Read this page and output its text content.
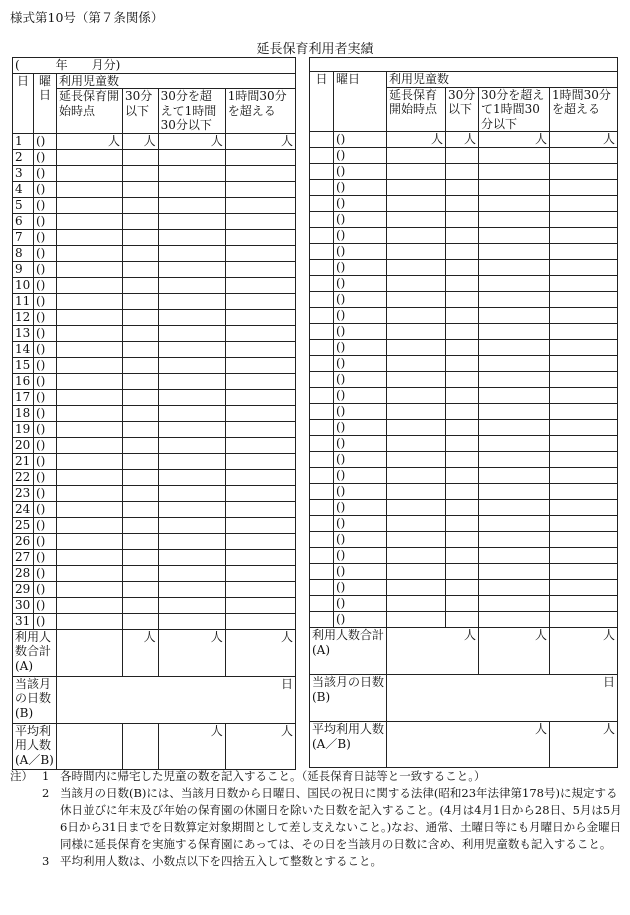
様式第10号（第７条関係）
延長保育利用者実績
(　　　年　　月分)					
日	曜日	利用児童数			
		延長保育開始時点	30分以下	30分を超えて1時間30分以下	1時間30分を超える
1	()	人	人	人	人
2	()				
3	()				
4	()				
5	()				
6	()				
7	()				
8	()				
9	()				
10	()				
11	()				
12	()				
13	()				
14	()				
15	()				
16	()				
17	()				
18	()				
19	()				
20	()				
21	()				
22	()				
23	()				
24	()				
25	()				
26	()				
27	()				
28	()				
29	()				
30	()				
31	()				
利用人数合計(A)			人	人	人
当該月の日数(B)		日			
平均利用人数(A／B)				人	人

日	曜日	利用児童数			
		延長保育開始時点	30分以下	30分を超えて1時間30分以下	1時間30分を超える
	()	人	人	人	人
	()				
	()				
	()				
	()				
	()				
	()				
	()				
	()				
	()				
	()				
	()				
	()				
	()				
	()				
	()				
	()				
	()				
	()				
	()				
	()				
	()				
	()				
	()				
	()				
	()				
	()				
	()				
	()				
	()				
	()				
利用人数合計(A)		人		人	人
当該月の日数(B)		日			
平均利用人数(A／B)		人			人
注） 1 各時間内に帰宅した児童の数を記入すること。（延長保育日誌等と一致すること。）
2 当該月の日数(B)には、当該月日数から日曜日、国民の祝日に関する法律(昭和23年法律第178号)に規定する休日並びに年末及び年始の保育園の休園日を除いた日数を記入すること。(4月は4月1日から28日、5月は5月6日から31日までを日数算定対象期間として差し支えないこと。)なお、通常、土曜日等にも月曜日から金曜日同様に延長保育を実施する保育園にあっては、その日を当該月の日数に含め、利用児童数も記入すること。
3 平均利用人数は、小数点以下を四捨五入して整数とすること。
